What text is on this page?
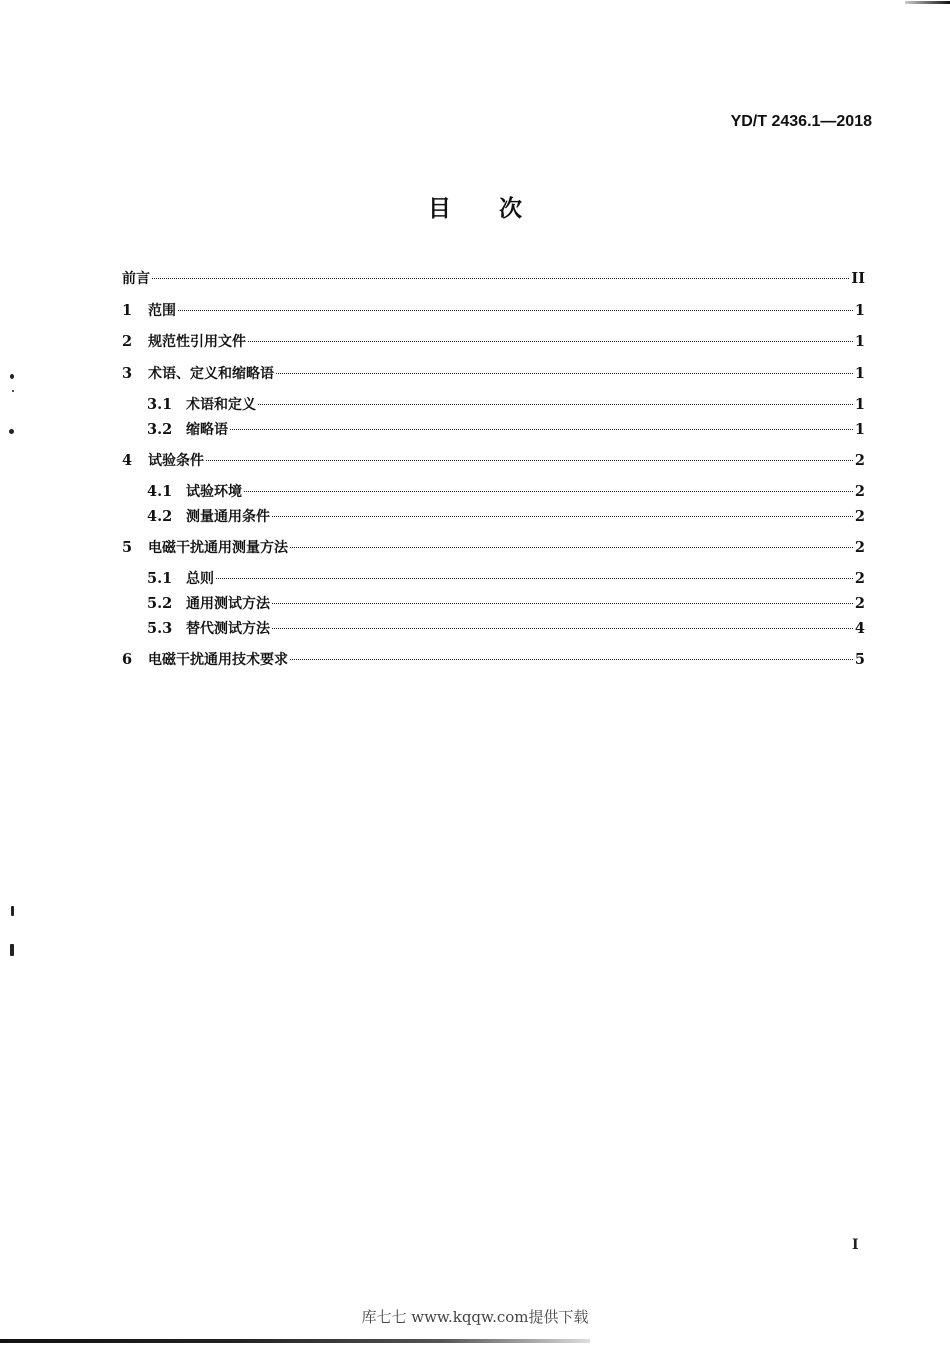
YD/T 2436.1—2018
目次
前言	II
1	范围	1
2	规范性引用文件	1
3	术语、定义和缩略语	1
3.1 术语和定义	1
3.2 缩略语	1
4	试验条件	2
4.1 试验环境	2
4.2 测量通用条件	2
5	电磁干扰通用测量方法	2
5.1 总则	2
5.2 通用测试方法	2
5.3 替代测试方法	4
6	电磁干扰通用技术要求	5
I
库七七 www.kqqw.com提供下载
